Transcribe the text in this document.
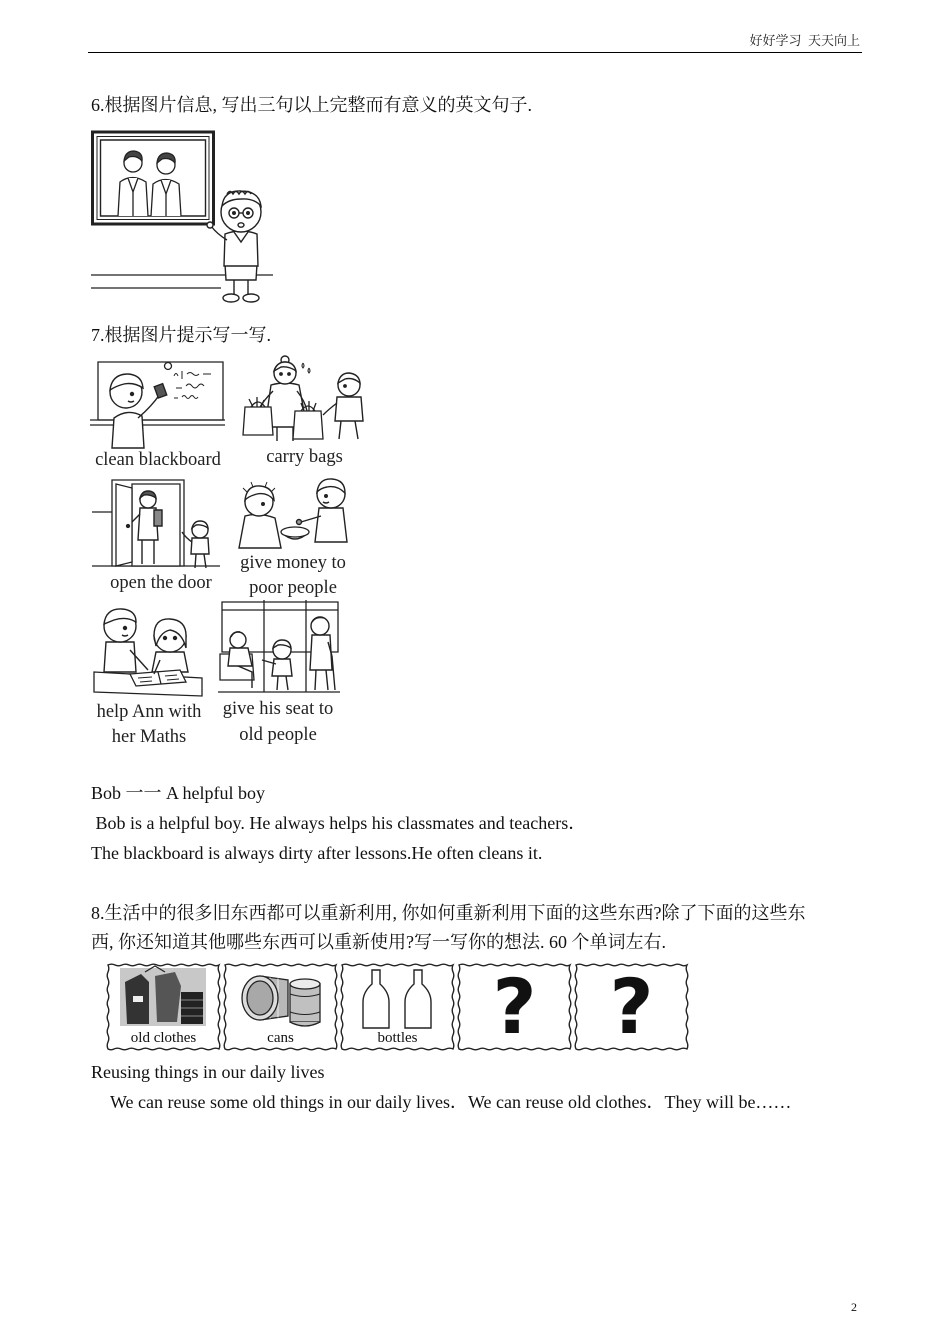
好好学习  天天向上
6.根据图片信息, 写出三句以上完整而有意义的英文句子.
7.根据图片提示写一写.
clean blackboard	carry bags
open the door
give money to
poor people
help Ann with
her Maths
give his seat to
old people
Bob 一一 A helpful boy
Bob is a helpful boy. He always helps his classmates and teachers．
The blackboard is always dirty after lessons.He often cleans it.
8.生活中的很多旧东西都可以重新利用, 你如何重新利用下面的这些东西?除了下面的这些东
西, 你还知道其他哪些东西可以重新使用?写一写你的想法. 60 个单词左右.
old clothes	cans	bottles ? ?
Reusing things in our daily lives
We can reuse some old things in our daily lives．We can reuse old clothes．They will be……
2
